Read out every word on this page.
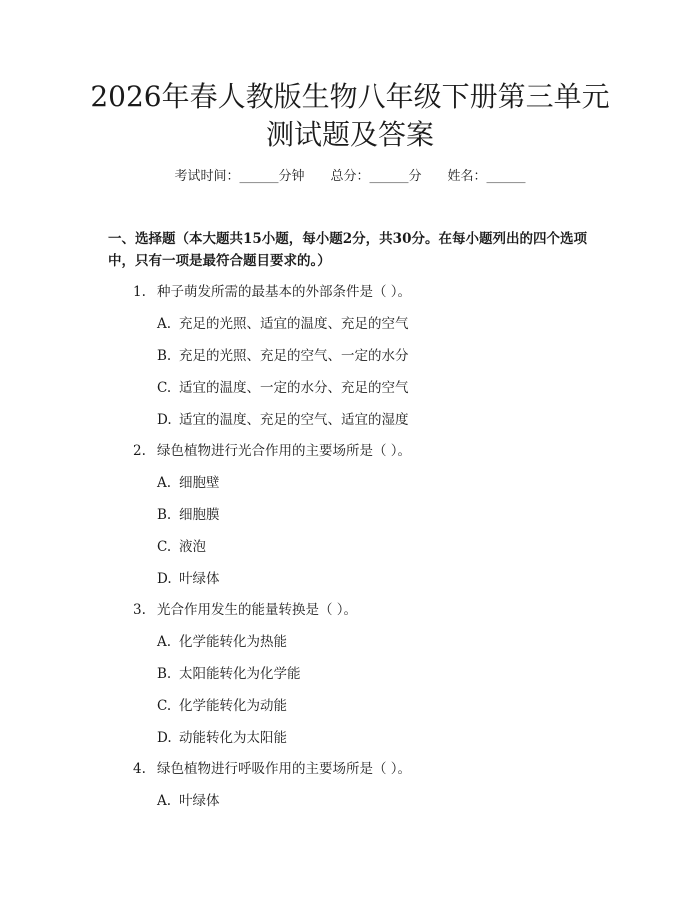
2026年春人教版生物八年级下册第三单元测试题及答案
考试时间：______分钟　　总分：______分　　姓名：______
一、选择题（本大题共15小题，每小题2分，共30分。在每小题列出的四个选项中，只有一项是最符合题目要求的。）
1. 种子萌发所需的最基本的外部条件是（ ）。
A. 充足的光照、适宜的温度、充足的空气
B. 充足的光照、充足的空气、一定的水分
C. 适宜的温度、一定的水分、充足的空气
D. 适宜的温度、充足的空气、适宜的湿度
2. 绿色植物进行光合作用的主要场所是（ ）。
A. 细胞壁
B. 细胞膜
C. 液泡
D. 叶绿体
3. 光合作用发生的能量转换是（ ）。
A. 化学能转化为热能
B. 太阳能转化为化学能
C. 化学能转化为动能
D. 动能转化为太阳能
4. 绿色植物进行呼吸作用的主要场所是（ ）。
A. 叶绿体
